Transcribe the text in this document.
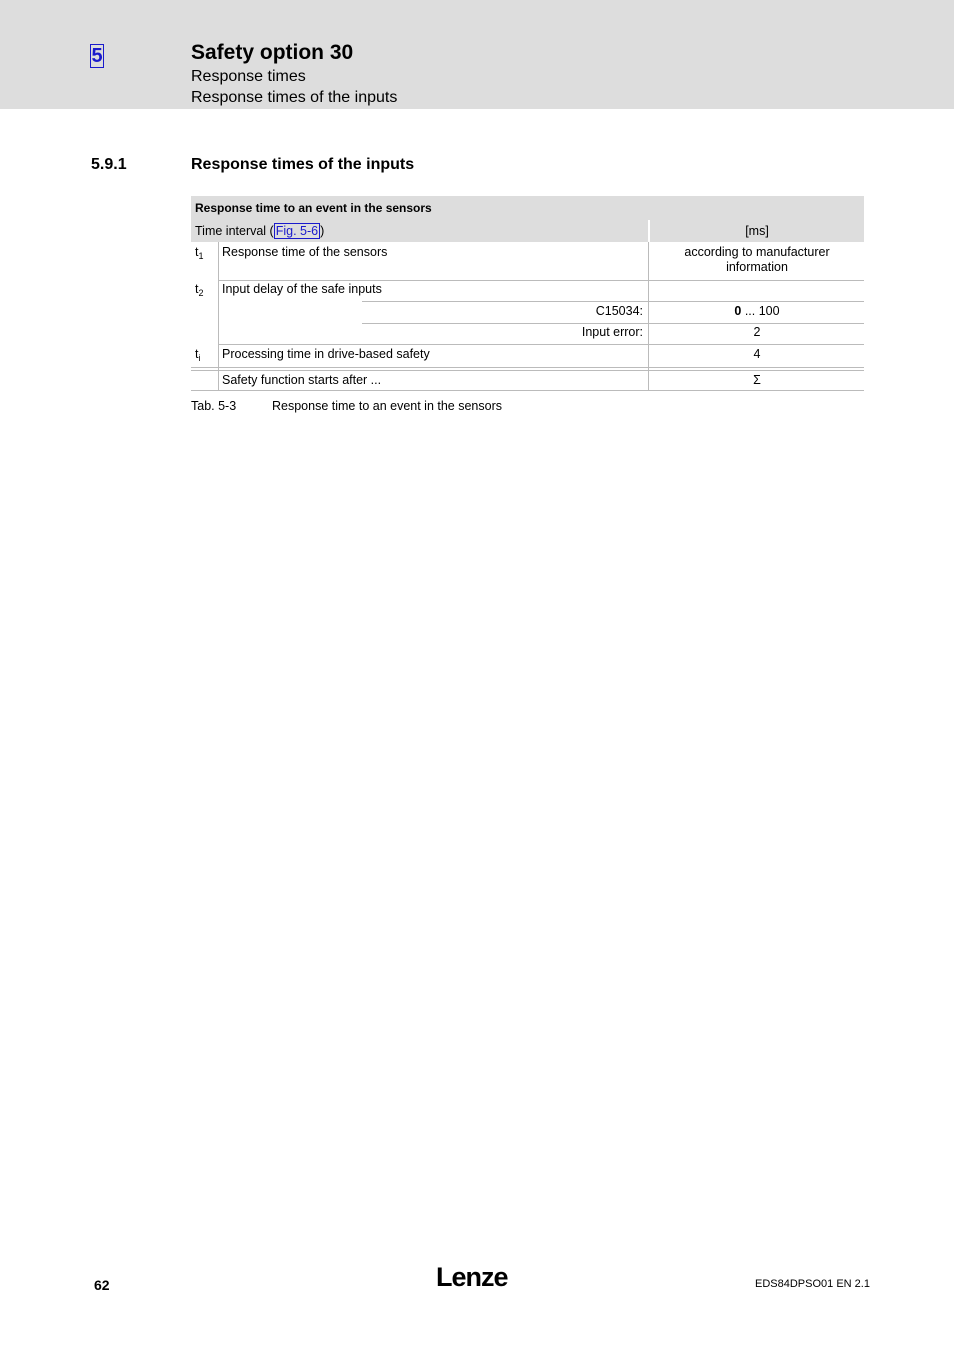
5	Safety option 30
Response times
Response times of the inputs
5.9.1	Response times of the inputs
Response time to an event in the sensors
Time interval ( Fig. 5-6 )	[ms]
$t_1$ Response time of the sensors	according to manufacturer
information
$t_2$ Input delay of the safe inputs
C15034:	0 ... 100
Input error:	2
$t_i$ Processing time in drive-based safety	4
Safety function starts after ...	Σ
Tab. 5-3	Response time to an event in the sensors
62	Lenze	EDS84DPSO01 EN 2.1
